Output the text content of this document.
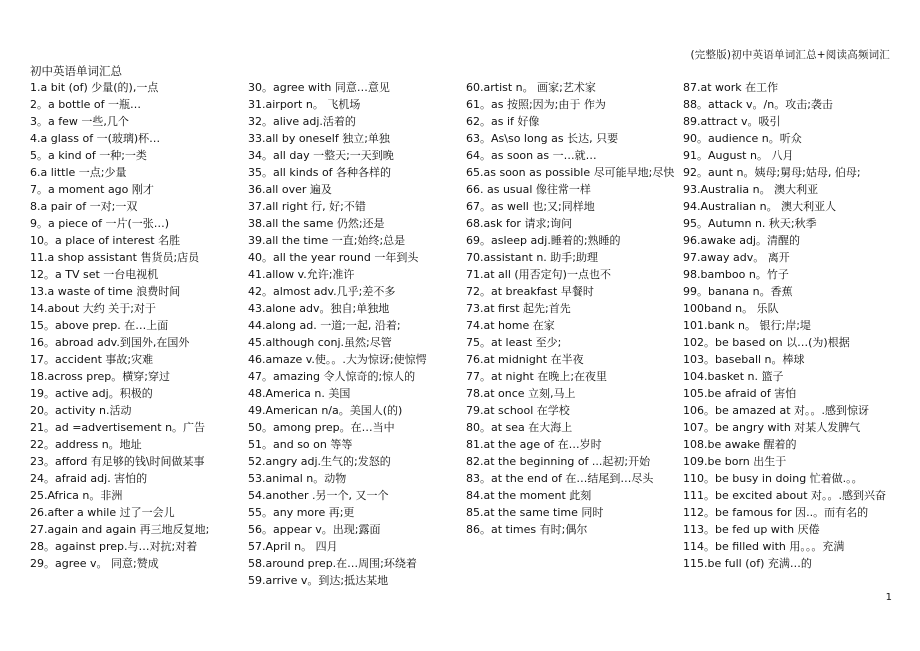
(完整版)初中英语单词汇总+阅读高频词汇
初中英语单词汇总
1.a bit (of) 少量(的),一点
2。a bottle of 一瓶…
3。a few 一些,几个
4.a glass of 一(玻璃)杯…
5。a kind of 一种;一类
6.a little 一点;少量
7。a moment ago 刚才
8.a pair of 一对;一双
9。a piece of 一片(一张…)
10。a place of interest 名胜
11.a shop assistant 售货员;店员
12。a TV set 一台电视机
13.a waste of time 浪费时间
14.about 大约 关于;对于
15。above prep. 在…上面
16。abroad adv.到国外,在国外
17。accident 事故;灾难
18.across prep。横穿;穿过
19。active adj。积极的
20。activity n.活动
21。ad =advertisement n。广告
22。address n。地址
23。afford 有足够的钱\时间做某事
24。afraid adj. 害怕的
25.Africa n。非洲
26.after a while 过了一会儿
27.again and again 再三地反复地;
28。against prep.与…对抗;对着
29。agree v。 同意;赞成
30。agree with 同意…意见
31.airport n。 飞机场
32。alive adj.活着的
33.all by oneself 独立;单独
34。all day 一整天;一天到晚
35。all kinds of 各种各样的
36.all over 遍及
37.all right 行, 好;不错
38.all the same 仍然;还是
39.all the time 一直;始终;总是
40。all the year round 一年到头
41.allow v.允许;准许
42。almost adv.几乎;差不多
43.alone adv。独自;单独地
44.along ad. 一道;一起, 沿着;
45.although conj.虽然;尽管
46.amaze v.使。。.大为惊讶;使惊愕
47。amazing 令人惊奇的;惊人的
48.America n. 美国
49.American n/a。美国人(的)
50。among prep。在…当中
51。and so on 等等
52.angry adj.生气的;发怒的
53.animal n。动物
54.another .另一个, 又一个
55。any more 再;更
56。appear v。出现;露面
57.April n。 四月
58.around prep.在…周围;环绕着
59.arrive v。到达;抵达某地
60.artist n。 画家;艺术家
61。as 按照;因为;由于 作为
62。as if 好像
63。As\so long as 长达, 只要
64。as soon as 一…就…
65.as soon as possible 尽可能早地;尽快
66. as usual 像往常一样
67。as well 也;又;同样地
68.ask for 请求;询问
69。asleep adj.睡着的;熟睡的
70.assistant n. 助手;助理
71.at all (用否定句)一点也不
72。at breakfast 早餐时
73.at first 起先;首先
74.at home 在家
75。at least 至少;
76.at midnight 在半夜
77。at night 在晚上;在夜里
78.at once 立刻,马上
79.at school 在学校
80。at sea 在大海上
81.at the age of 在…岁时
82.at the beginning of ...起初;开始
83。at the end of 在…结尾到…尽头
84.at the moment 此刻
85.at the same time 同时
86。at times 有时;偶尔
87.at work 在工作
88。attack v。/n。攻击;袭击
89.attract v。吸引
90。audience n。听众
91。August n。 八月
92。aunt n。姨母;舅母;姑母, 伯母;
93.Australia n。 澳大利亚
94.Australian n。 澳大利亚人
95。Autumn n. 秋天;秋季
96.awake adj。清醒的
97.away adv。 离开
98.bamboo n。竹子
99。banana n。香蕉
100band n。 乐队
101.bank n。 银行;岸;堤
102。be based on 以…(为)根据
103。baseball n。棒球
104.basket n. 篮子
105.be afraid of 害怕
106。be amazed at 对。。.感到惊讶
107。be angry with 对某人发脾气
108.be awake 醒着的
109.be born 出生于
110。be busy in doing 忙着做.。。
111。be excited about 对。。.感到兴奋
112。be famous for 因..。而有名的
113。be fed up with 厌倦
114。be filled with 用。。。充满
115.be full (of) 充满…的
1
